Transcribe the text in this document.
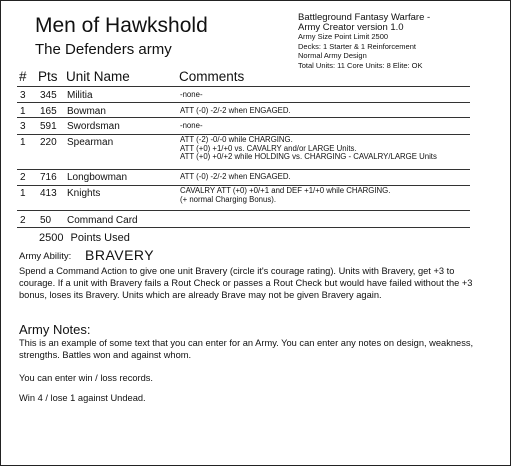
Men of Hawkshold
The Defenders army
Battleground Fantasy Warfare -
Army Creator version 1.0
Army Size Point Limit 2500
Decks: 1 Starter & 1 Reinforcement
Normal Army Design
Total Units: 11 Core Units: 8 Elite: OK
# Pts Unit Name	Comments
3 345 Militia	-none-
1 165 Bowman	ATT (-0) -2/-2 when ENGAGED.
3 591 Swordsman	-none-
1 220 Spearman	ATT (-2) -0/-0 while CHARGING.
ATT (+0) +1/+0 vs. CAVALRY and/or LARGE Units.
ATT (+0) +0/+2 while HOLDING vs. CHARGING - CAVALRY/LARGE Units
2 716 Longbowman	ATT (-0) -2/-2 when ENGAGED.
1 413 Knights	CAVALRY ATT (+0) +0/+1 and DEF +1/+0 while CHARGING.
(+ normal Charging Bonus).
2 50 Command Card
2500 Points Used
Army Ability: BRAVERY
Spend a Command Action to give one unit Bravery (circle it's courage rating). Units with Bravery, get +3 to courage. If a unit with Bravery fails a Rout Check or passes a Rout Check but would have failed without the +3 bonus, loses its Bravery. Units which are already Brave may not be given Bravery again.
Army Notes:
This is an example of some text that you can enter for an Army. You can enter any notes on design, weakness, strengths. Battles won and against whom.
You can enter win / loss records.
Win 4 / lose 1 against Undead.
